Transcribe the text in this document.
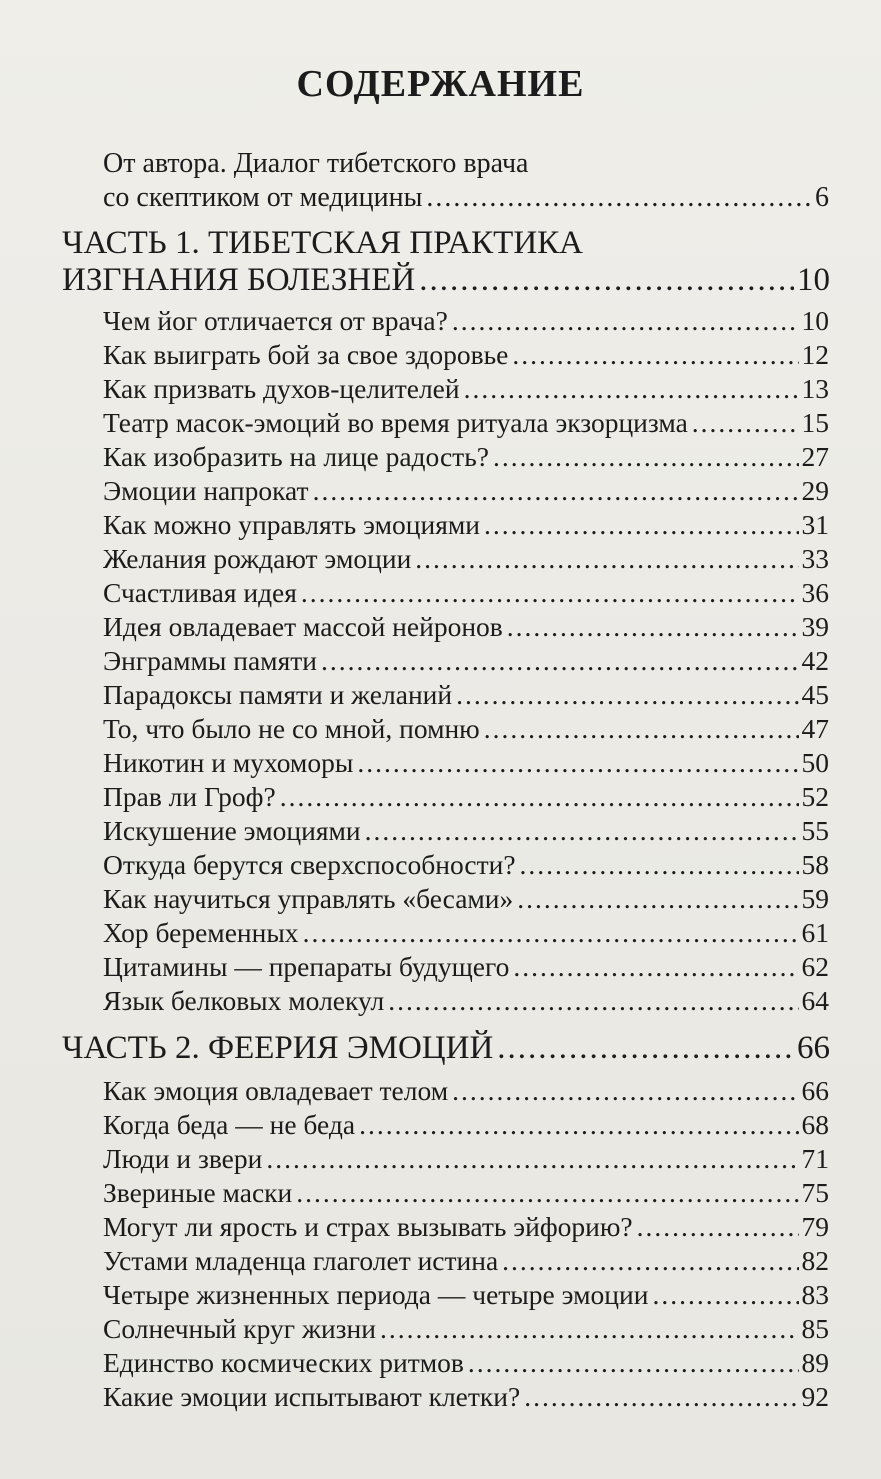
СОДЕРЖАНИЕ
От автора. Диалог тибетского врача
со скептиком от медицины .....	6
ЧАСТЬ 1. ТИБЕТСКАЯ ПРАКТИКА
ИЗГНАНИЯ БОЛЕЗНЕЙ .....	10
Чем йог отличается от врача? .....	10
Как выиграть бой за свое здоровье .....	12
Как призвать духов-целителей .....	13
Театр масок-эмоций во время ритуала экзорцизма .....	15
Как изобразить на лице радость? .....	27
Эмоции напрокат .....	29
Как можно управлять эмоциями .....	31
Желания рождают эмоции .....	33
Счастливая идея .....	36
Идея овладевает массой нейронов .....	39
Энграммы памяти .....	42
Парадоксы памяти и желаний .....	45
То, что было не со мной, помню .....	47
Никотин и мухоморы .....	50
Прав ли Гроф? .....	52
Искушение эмоциями .....	55
Откуда берутся сверхспособности? .....	58
Как научиться управлять «бесами» .....	59
Хор беременных .....	61
Цитамины — препараты будущего .....	62
Язык белковых молекул .....	64
ЧАСТЬ 2. ФЕЕРИЯ ЭМОЦИЙ .....	66
Как эмоция овладевает телом .....	66
Когда беда — не беда .....	68
Люди и звери .....	71
Звериные маски .....	75
Могут ли ярость и страх вызывать эйфорию? .....	79
Устами младенца глаголет истина .....	82
Четыре жизненных периода — четыре эмоции .....	83
Солнечный круг жизни .....	85
Единство космических ритмов .....	89
Какие эмоции испытывают клетки? .....	92
